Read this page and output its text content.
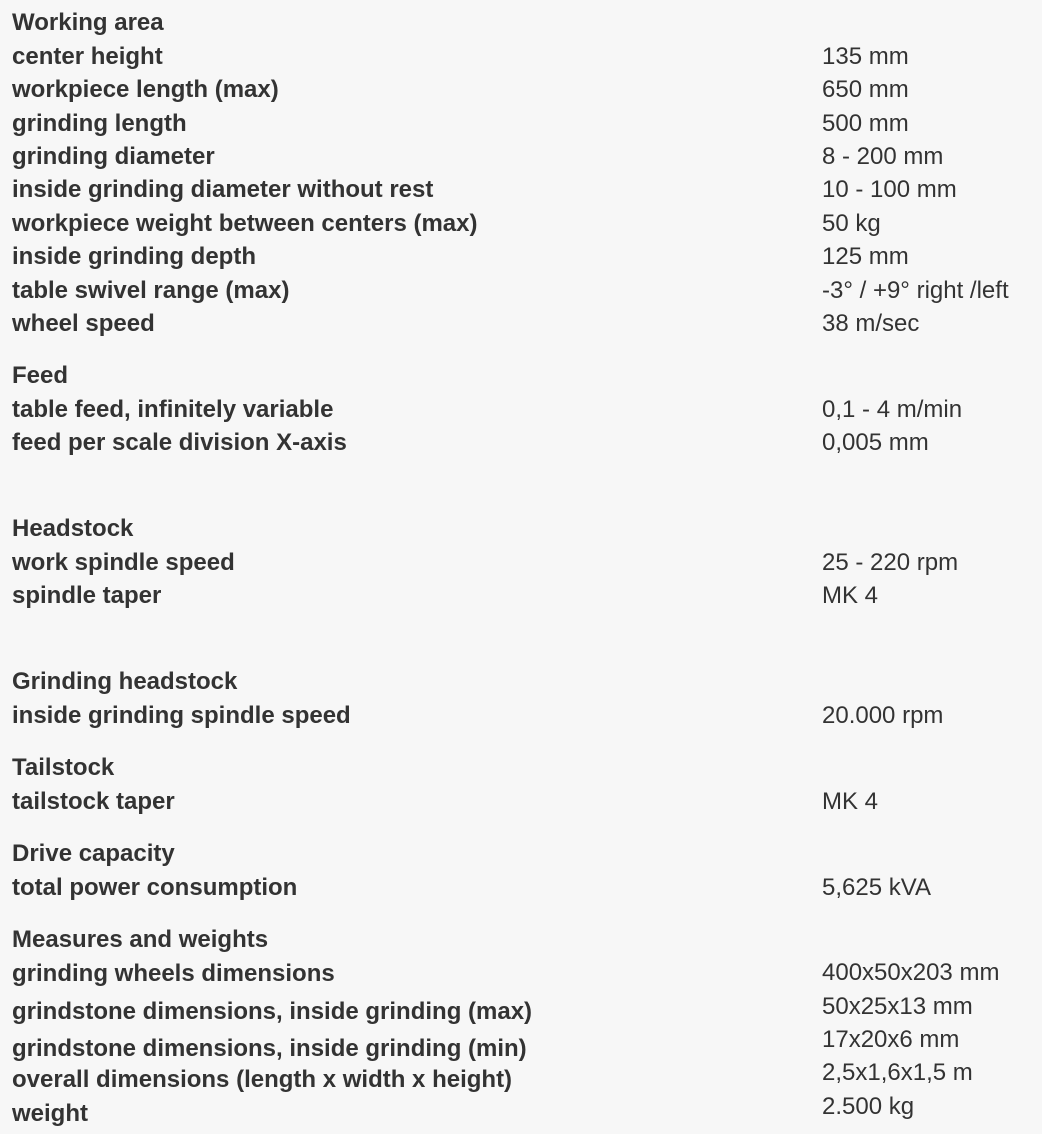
Working area
center height	135 mm
workpiece length (max)	650 mm
grinding length	500 mm
grinding diameter	8 - 200 mm
inside grinding diameter without rest	10 - 100 mm
workpiece weight between centers (max)	50 kg
inside grinding depth	125 mm
table swivel range (max)	-3° / +9° right /left
wheel speed	38 m/sec
Feed
table feed, infinitely variable	0,1 - 4 m/min
feed per scale division X-axis	0,005 mm
Headstock
work spindle speed	25 - 220 rpm
spindle taper	MK 4
Grinding headstock
inside grinding spindle speed	20.000 rpm
Tailstock
tailstock taper	MK 4
Drive capacity
total power consumption	5,625 kVA
Measures and weights
grinding wheels dimensions	400x50x203 mm
grindstone dimensions, inside grinding (max)	50x25x13 mm
grindstone dimensions, inside grinding (min)	17x20x6 mm
overall dimensions (length x width x height)	2,5x1,6x1,5 m
weight	2.500 kg
